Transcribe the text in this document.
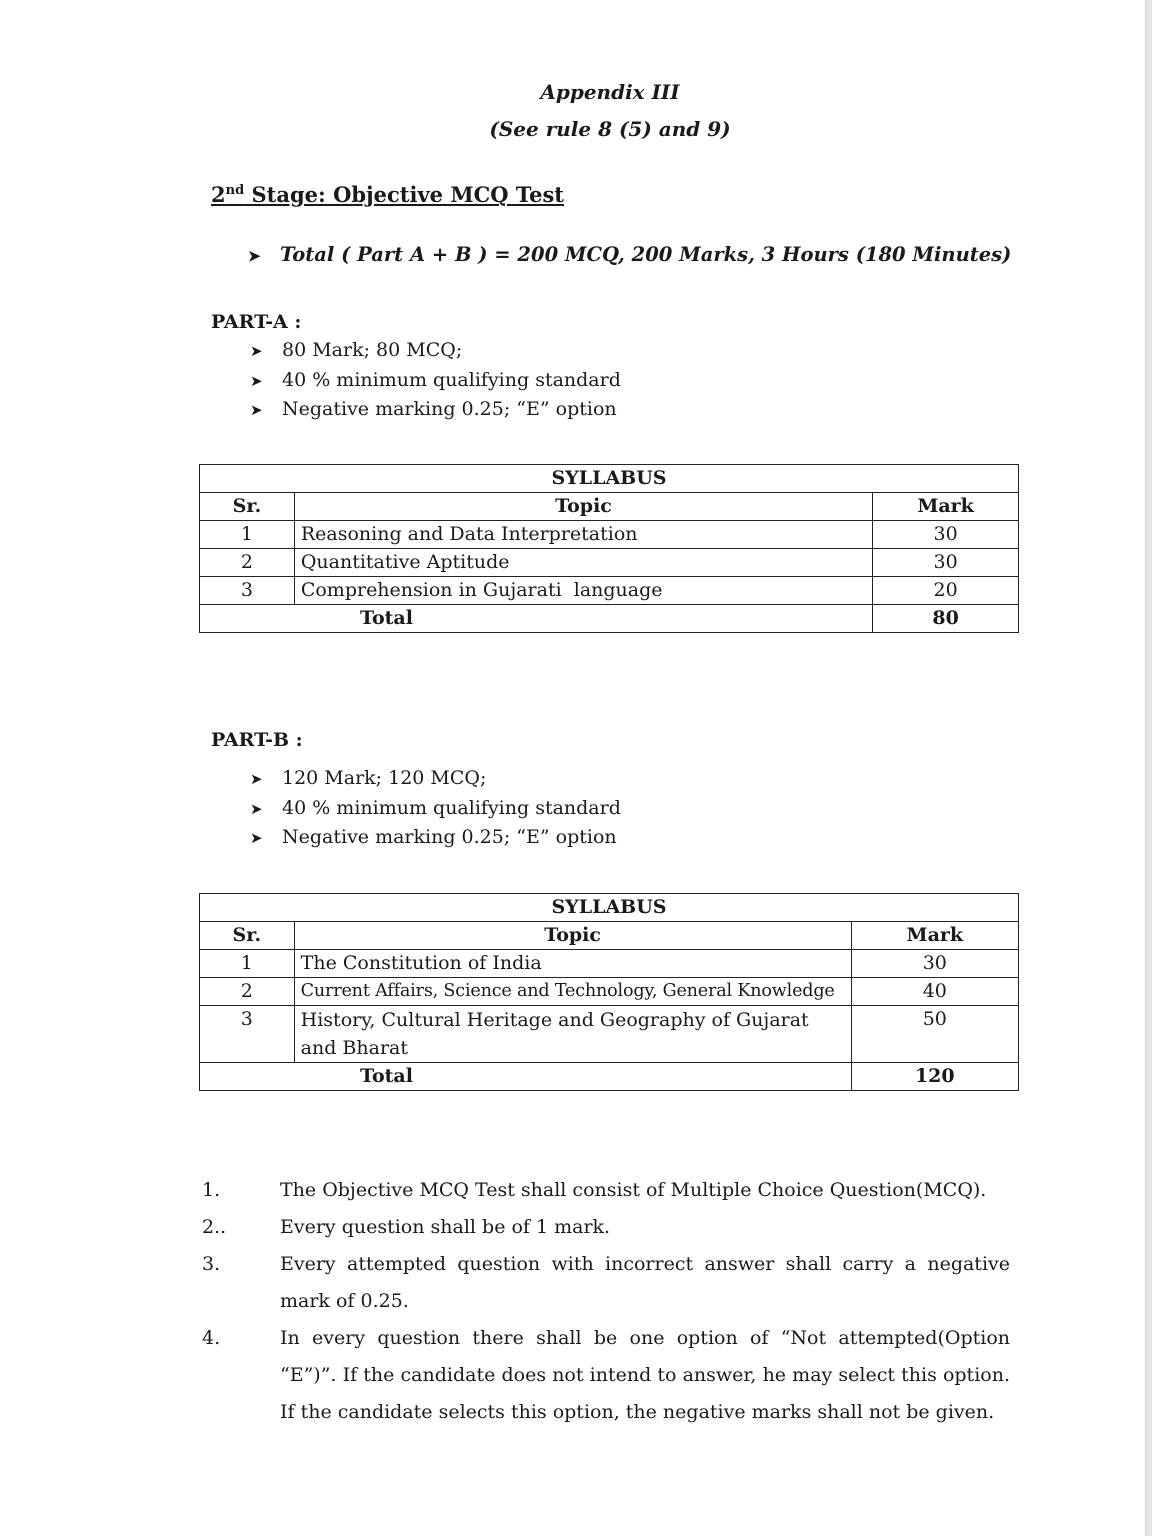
Appendix III
(See rule 8 (5) and 9)
2nd Stage: Objective MCQ Test
➤ Total ( Part A + B ) = 200 MCQ, 200 Marks, 3 Hours (180 Minutes)
PART-A :
➤ 80 Mark; 80 MCQ;
➤ 40 % minimum qualifying standard
➤ Negative marking 0.25; “E” option
SYLLABUS		
Sr.	Topic	Mark
1	Reasoning and Data Interpretation	30
2	Quantitative Aptitude	30
3	Comprehension in Gujarati  language	20
Total		80
PART-B :
➤ 120 Mark; 120 MCQ;
➤ 40 % minimum qualifying standard
➤ Negative marking 0.25; “E” option
SYLLABUS		
Sr.	Topic	Mark
1	The Constitution of India	30
2	Current Affairs, Science and Technology, General Knowledge	40
3	History, Cultural Heritage and Geography of Gujarat and Bharat	50
Total		120
1.	The Objective MCQ Test shall consist of Multiple Choice Question(MCQ).
2..	Every question shall be of 1 mark.
3.	Every attempted question with incorrect answer shall carry a negative mark of 0.25.
4.	In every question there shall be one option of “Not attempted(Option “E”)”. If the candidate does not intend to answer, he may select this option. If the candidate selects this option, the negative marks shall not be given.
